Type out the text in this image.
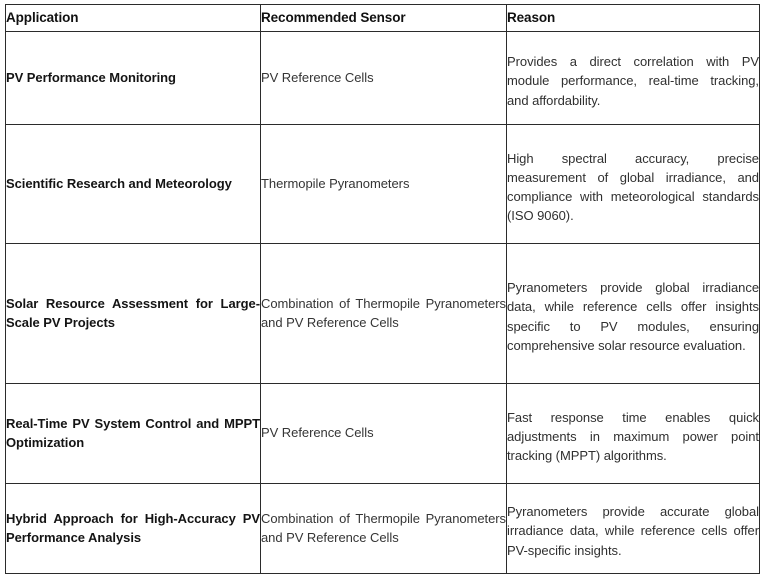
Application	Recommended Sensor	Reason

PV Performance Monitoring	PV Reference Cells	Provides a direct correlation with PV module performance, real-time tracking, and affordability.

Scientific Research and Meteorology	Thermopile Pyranometers	High spectral accuracy, precise measurement of global irradiance, and compliance with meteorological standards (ISO 9060).

Solar Resource Assessment for Large-Scale PV Projects	Combination of Thermopile Pyranometers and PV Reference Cells	Pyranometers provide global irradiance data, while reference cells offer insights specific to PV modules, ensuring comprehensive solar resource evaluation.

Real-Time PV System Control and MPPT Optimization	PV Reference Cells	Fast response time enables quick adjustments in maximum power point tracking (MPPT) algorithms.

Hybrid Approach for High-Accuracy PV Performance Analysis	Combination of Thermopile Pyranometers and PV Reference Cells	Pyranometers provide accurate global irradiance data, while reference cells offer PV-specific insights.
